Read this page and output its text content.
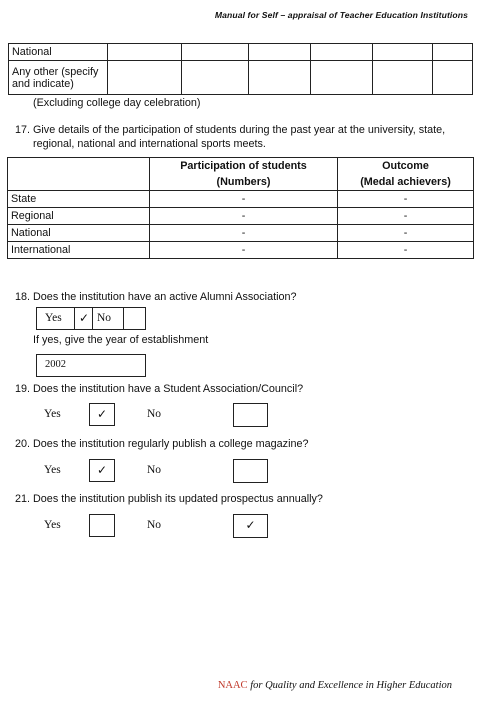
Manual for Self – appraisal of Teacher Education Institutions
National						
Any other (specify and indicate)						
(Excluding college day celebration)
17. Give details of the participation of students during the past year at the university, state,
regional, national and international sports meets.
	Participation of students	Outcome
	(Numbers)	(Medal achievers)
State	-	-
Regional	-	-
National	-	-
International	-	-
18. Does the institution have an active Alumni Association?
Yes ✓ No
If yes, give the year of establishment
2002
19. Does the institution have a Student Association/Council?
Yes	✓	No
20. Does the institution regularly publish a college magazine?
Yes	✓	No
21. Does the institution publish its updated prospectus annually?
Yes	No	✓
NAAC for Quality and Excellence in Higher Education
